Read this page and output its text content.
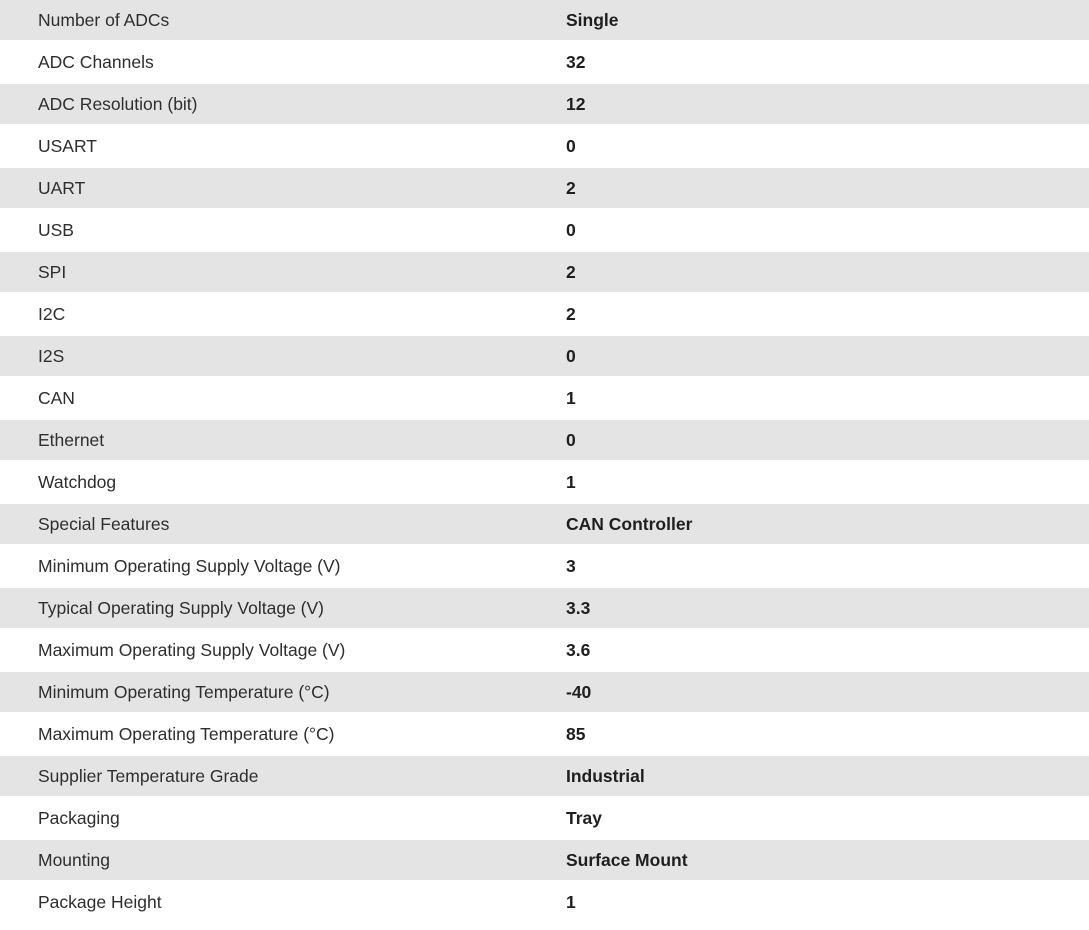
Number of ADCs	Single
ADC Channels	32
ADC Resolution (bit)	12
USART	0
UART	2
USB	0
SPI	2
I2C	2
I2S	0
CAN	1
Ethernet	0
Watchdog	1
Special Features	CAN Controller
Minimum Operating Supply Voltage (V)	3
Typical Operating Supply Voltage (V)	3.3
Maximum Operating Supply Voltage (V)	3.6
Minimum Operating Temperature (°C)	-40
Maximum Operating Temperature (°C)	85
Supplier Temperature Grade	Industrial
Packaging	Tray
Mounting	Surface Mount
Package Height	1
